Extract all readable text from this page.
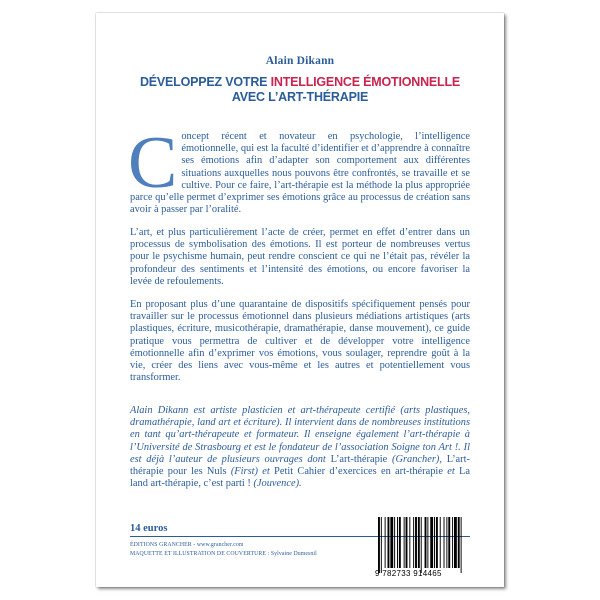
Alain Dikann
DÉVELOPPEZ VOTRE INTELLIGENCE ÉMOTIONNELLE
AVEC L’ART-THÉRAPIE
Concept récent et novateur en psychologie, l’intelligence émotionnelle, qui est la faculté d’identifier et d’apprendre à connaître ses émotions afin d’adapter son comportement aux différentes situations auxquelles nous pouvons être confrontés, se travaille et se cultive. Pour ce faire, l’art-thérapie est la méthode la plus appropriée parce qu’elle permet d’exprimer ses émotions grâce au processus de création sans avoir à passer par l’oralité.
L’art, et plus particulièrement l’acte de créer, permet en effet d’entrer dans un processus de symbolisation des émotions. Il est porteur de nombreuses vertus pour le psychisme humain, peut rendre conscient ce qui ne l’était pas, révéler la profondeur des sentiments et l’intensité des émotions, ou encore favoriser la levée de refoulements.
En proposant plus d’une quarantaine de dispositifs spécifiquement pensés pour travailler sur le processus émotionnel dans plusieurs médiations artistiques (arts plastiques, écriture, musicothérapie, dramathérapie, danse mouvement), ce guide pratique vous permettra de cultiver et de développer votre intelligence émotionnelle afin d’exprimer vos émotions, vous soulager, reprendre goût à la vie, créer des liens avec vous-même et les autres et potentiellement vous transformer.
Alain Dikann est artiste plasticien et art-thérapeute certifié (arts plastiques, dramathérapie, land art et écriture). Il intervient dans de nombreuses institutions en tant qu’art-thérapeute et formateur. Il enseigne également l’art-thérapie à l’Université de Strasbourg et est le fondateur de l’association Soigne ton Art !. Il est déjà l’auteur de plusieurs ouvrages dont L’art-thérapie (Grancher), L’art-thérapie pour les Nuls (First) et Petit Cahier d’exercices en art-thérapie et La land art-thérapie, c’est parti ! (Jouvence).
14 euros
ÉDITIONS GRANCHER - www.grancher.com
MAQUETTE ET ILLUSTRATION DE COUVERTURE : Sylvaine Dumesnil
9 782733 914465
